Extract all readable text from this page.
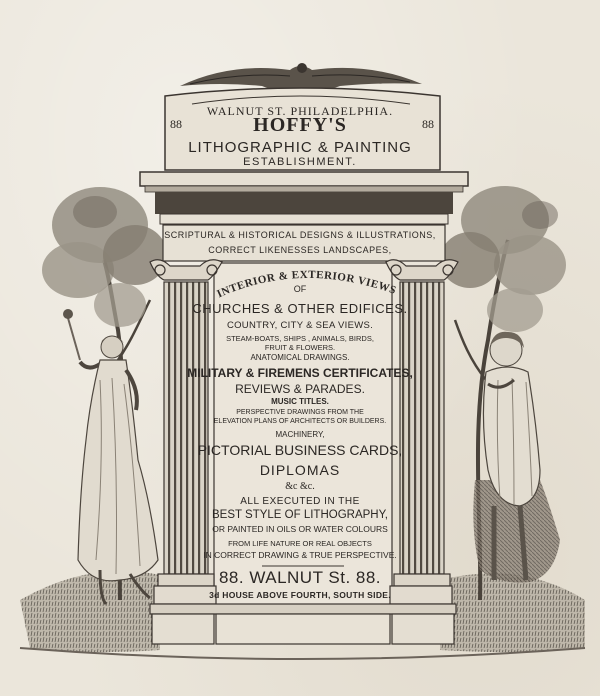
INTERIOR & EXTERIOR VIEWS
WALNUT ST. PHILADELPHIA.
88	88
HOFFY'S
LITHOGRAPHIC & PAINTING
ESTABLISHMENT.
SCRIPTURAL & HISTORICAL DESIGNS & ILLUSTRATIONS,
CORRECT LIKENESSES LANDSCAPES,
OF
CHURCHES & OTHER EDIFICES.
COUNTRY, CITY & SEA VIEWS.
STEAM-BOATS, SHIPS , ANIMALS, BIRDS,
FRUIT & FLOWERS.
ANATOMICAL DRAWINGS.
MILITARY & FIREMENS CERTIFICATES,
REVIEWS & PARADES.
MUSIC TITLES.
PERSPECTIVE DRAWINGS FROM THE
ELEVATION PLANS OF ARCHITECTS OR BUILDERS.
MACHINERY,
PICTORIAL BUSINESS CARDS,
DIPLOMAS
&c &c.
ALL EXECUTED IN THE
BEST STYLE OF LITHOGRAPHY,
OR PAINTED IN OILS OR WATER COLOURS
FROM LIFE NATURE OR REAL OBJECTS
IN CORRECT DRAWING & TRUE PERSPECTIVE.
88. WALNUT St. 88.
3d HOUSE ABOVE FOURTH, SOUTH SIDE.
